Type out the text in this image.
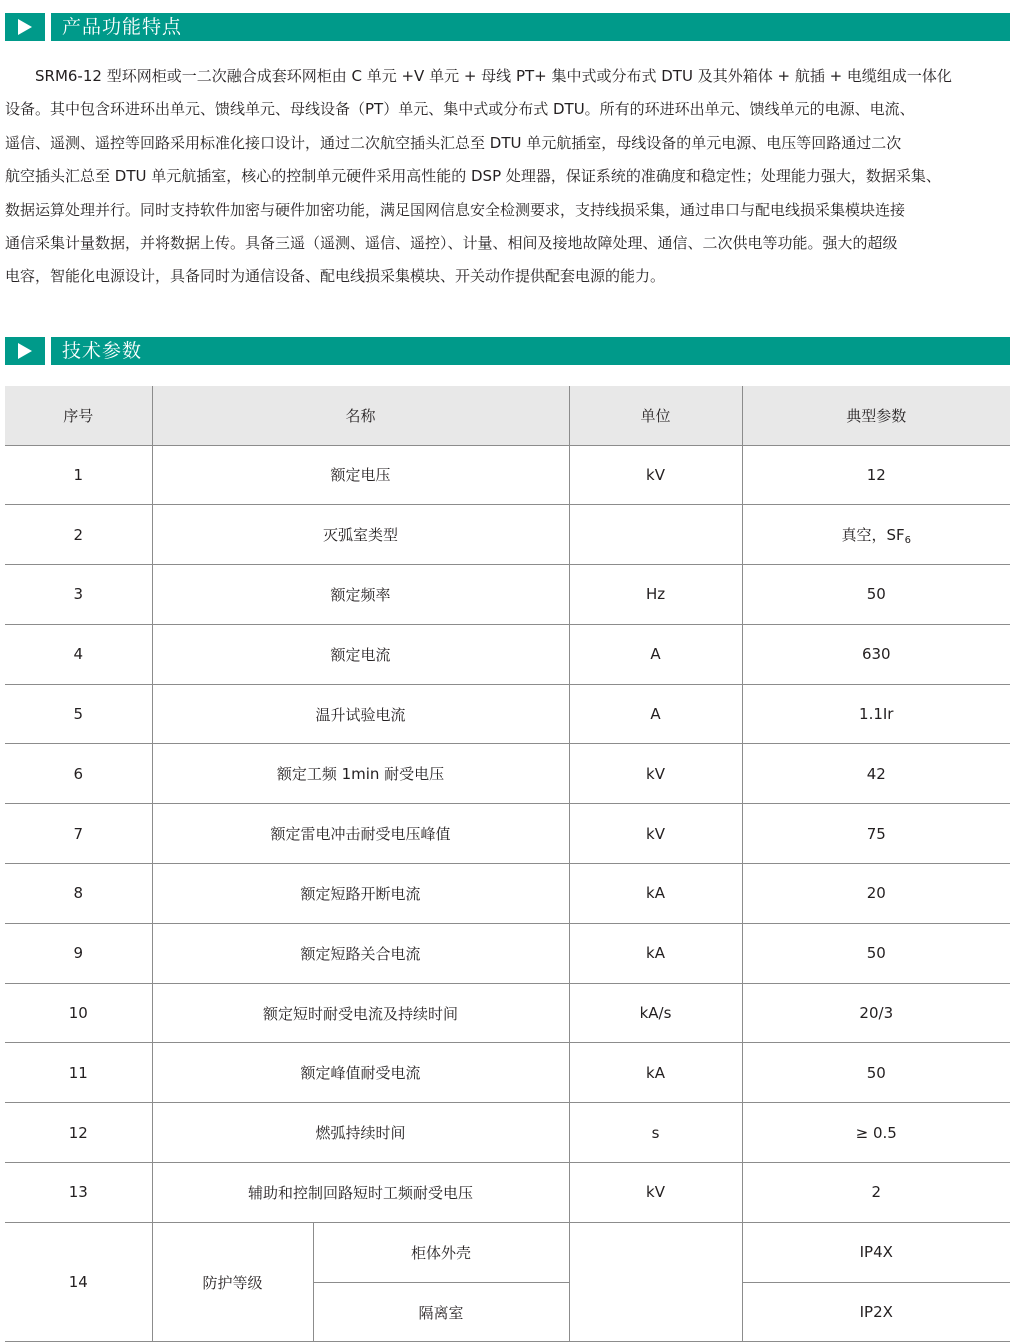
产品功能特点
　　SRM6-12 型环网柜或一二次融合成套环网柜由 C 单元 +V 单元 + 母线 PT+ 集中式或分布式 DTU 及其外箱体 + 航插 + 电缆组成一体化
设备。其中包含环进环出单元、馈线单元、母线设备（PT）单元、集中式或分布式 DTU。所有的环进环出单元、馈线单元的电源、电流、
遥信、遥测、遥控等回路采用标准化接口设计，通过二次航空插头汇总至 DTU 单元航插室，母线设备的单元电源、电压等回路通过二次
航空插头汇总至 DTU 单元航插室，核心的控制单元硬件采用高性能的 DSP 处理器，保证系统的准确度和稳定性；处理能力强大，数据采集、
数据运算处理并行。同时支持软件加密与硬件加密功能，满足国网信息安全检测要求，支持线损采集，通过串口与配电线损采集模块连接
通信采集计量数据，并将数据上传。具备三遥（遥测、遥信、遥控）、计量、相间及接地故障处理、通信、二次供电等功能。强大的超级
电容，智能化电源设计，具备同时为通信设备、配电线损采集模块、开关动作提供配套电源的能力。
技术参数
序号	名称		单位	典型参数
1	额定电压		kV	12
2	灭弧室类型			真空，$SF_6$
3	额定频率		Hz	50
4	额定电流		A	630
5	温升试验电流		A	1.1Ir
6	额定工频 1min 耐受电压		kV	42
7	额定雷电冲击耐受电压峰值		kV	75
8	额定短路开断电流		kA	20
9	额定短路关合电流		kA	50
10	额定短时耐受电流及持续时间		kA/s	20/3
11	额定峰值耐受电流		kA	50
12	燃弧持续时间		s	≥ 0.5
13	辅助和控制回路短时工频耐受电压		kV	2
14	防护等级	柜体外壳		IP4X
		隔离室		IP2X
